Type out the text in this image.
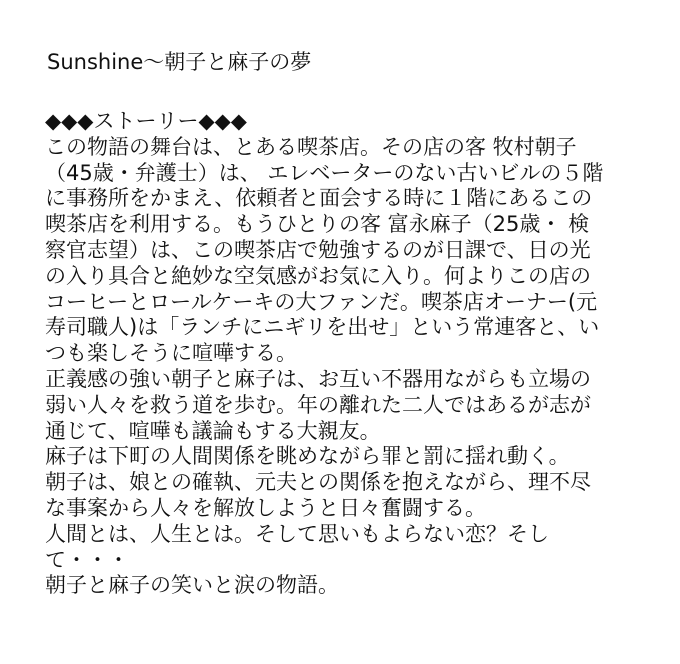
Sunshine〜朝子と麻子の夢
◆◆◆ストーリー◆◆◆
この物語の舞台は、とある喫茶店。その店の客 牧村朝子
（45歳・弁護士）は、 エレベーターのない古いビルの５階
に事務所をかまえ、依頼者と面会する時に１階にあるこの
喫茶店を利用する。もうひとりの客 富永麻子（25歳・ 検
察官志望）は、この喫茶店で勉強するのが日課で、日の光
の入り具合と絶妙な空気感がお気に入り。何よりこの店の
コーヒーとロールケーキの大ファンだ。喫茶店オーナー(元
寿司職人)は「ランチにニギリを出せ」という常連客と、い
つも楽しそうに喧嘩する。
正義感の強い朝子と麻子は、お互い不器用ながらも立場の
弱い人々を救う道を歩む。年の離れた二人ではあるが志が
通じて、喧嘩も議論もする大親友。
麻子は下町の人間関係を眺めながら罪と罰に揺れ動く。
朝子は、娘との確執、元夫との関係を抱えながら、理不尽
な事案から人々を解放しようと日々奮闘する。
人間とは、人生とは。そして思いもよらない恋？そし
て・・・
朝子と麻子の笑いと涙の物語。
